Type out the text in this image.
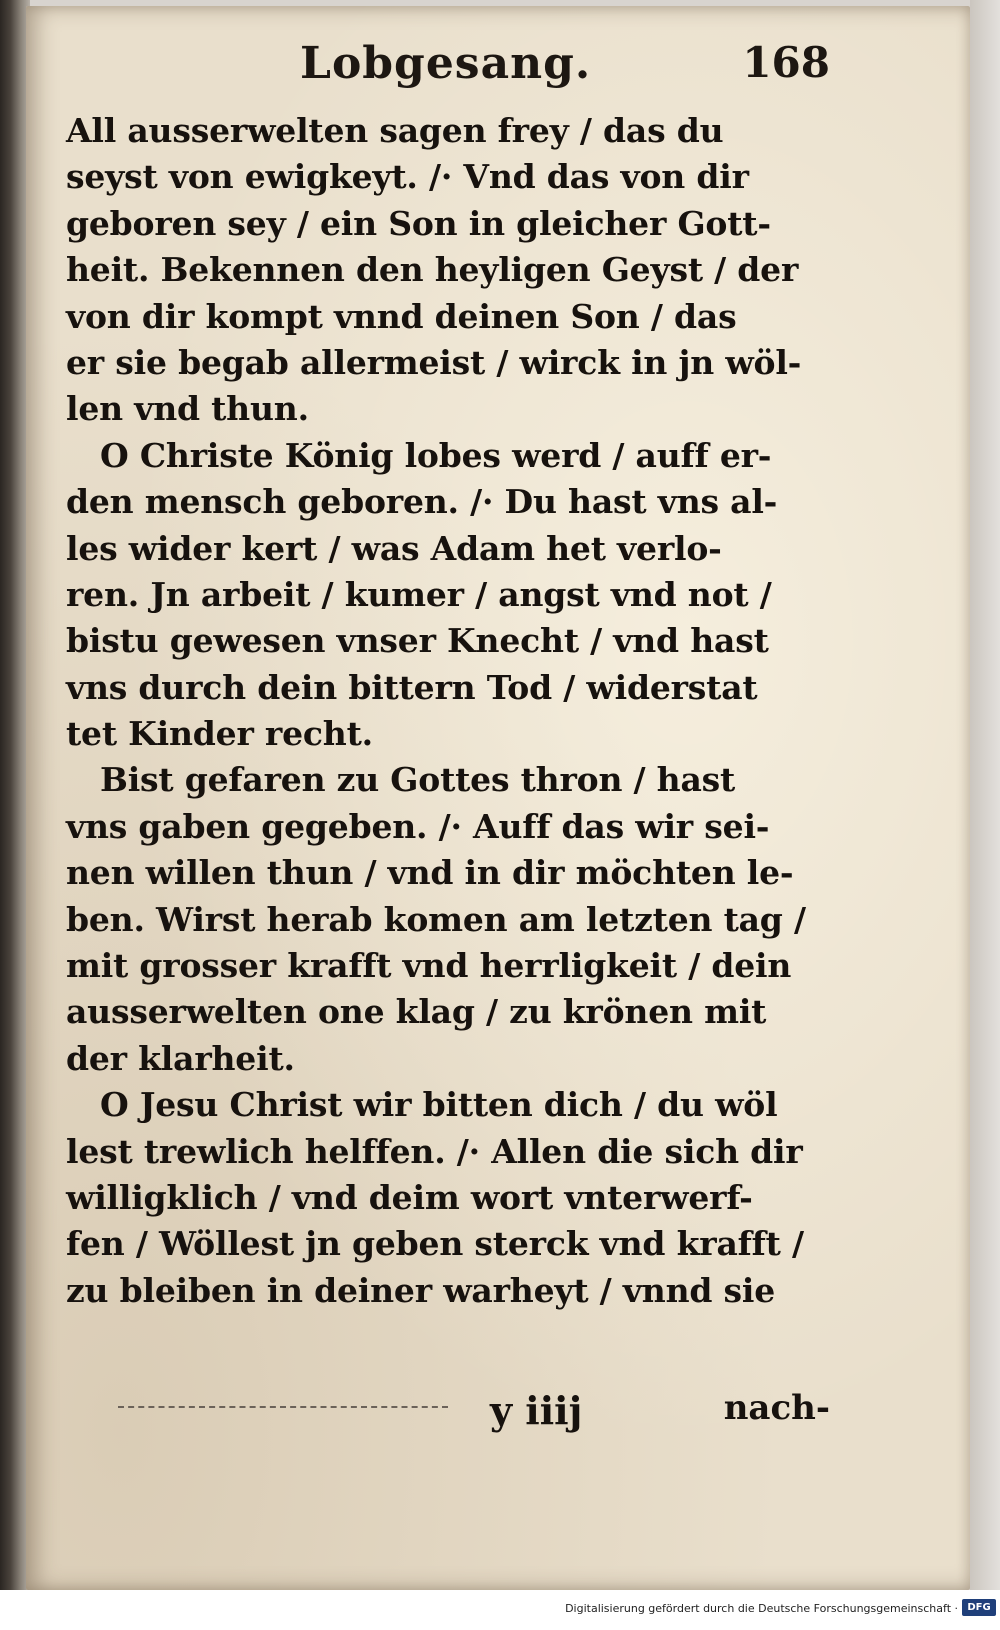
Lobgesang.	168
All ausserwelten sagen frey / das du
seyst von ewigkeyt. /· Vnd das von dir
geboren sey / ein Son in gleicher Gott-
heit. Bekennen den heyligen Geyst / der
von dir kompt vnnd deinen Son / das
er sie begab allermeist / wirck in jn wöl-
len vnd thun.
O Christe König lobes werd / auff er-
den mensch geboren. /· Du hast vns al-
les wider kert / was Adam het verlo-
ren. Jn arbeit / kumer / angst vnd not /
bistu gewesen vnser Knecht / vnd hast
vns durch dein bittern Tod / widerstat
tet Kinder recht.
Bist gefaren zu Gottes thron / hast
vns gaben gegeben. /· Auff das wir sei-
nen willen thun / vnd in dir möchten le-
ben. Wirst herab komen am letzten tag /
mit grosser krafft vnd herrligkeit / dein
ausserwelten one klag / zu krönen mit
der klarheit.
O Jesu Christ wir bitten dich / du wöl
lest trewlich helffen. /· Allen die sich dir
willigklich / vnd deim wort vnterwerf-
fen / Wöllest jn geben sterck vnd krafft /
zu bleiben in deiner warheyt / vnnd sie
y iiij	nach-
Digitalisierung gefördert durch die Deutsche Forschungsgemeinschaft · DFG
